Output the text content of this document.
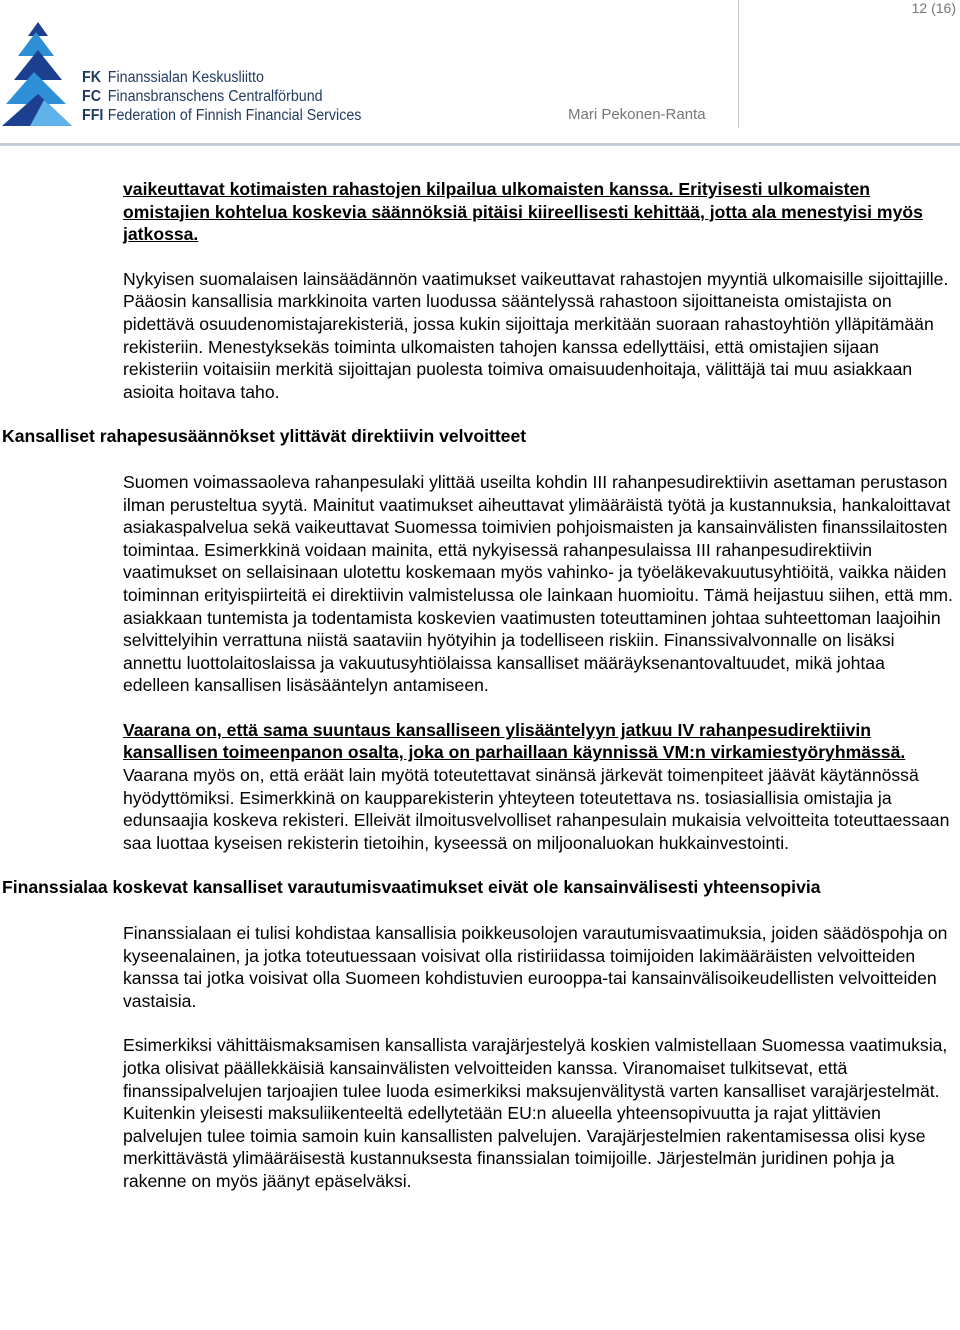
12 (16)
FK Finanssialan Keskusliitto
FC Finansbranschens Centralförbund
FFI Federation of Finnish Financial Services	Mari Pekonen-Ranta
vaikeuttavat kotimaisten rahastojen kilpailua ulkomaisten kanssa. Erityisesti ulkomaisten omistajien kohtelua koskevia säännöksiä pitäisi kiireellisesti kehittää, jotta ala menestyisi myös jatkossa.
Nykyisen suomalaisen lainsäädännön vaatimukset vaikeuttavat rahastojen myyntiä ulkomaisille sijoittajille. Pääosin kansallisia markkinoita varten luodussa sääntelyssä rahastoon sijoittaneista omistajista on pidettävä osuudenomistajarekisteriä, jossa kukin sijoittaja merkitään suoraan rahastoyhtiön ylläpitämään rekisteriin. Menestyksekäs toiminta ulkomaisten tahojen kanssa edellyttäisi, että omistajien sijaan rekisteriin voitaisiin merkitä sijoittajan puolesta toimiva omaisuudenhoitaja, välittäjä tai muu asiakkaan asioita hoitava taho.
Kansalliset rahapesusäännökset ylittävät direktiivin velvoitteet
Suomen voimassaoleva rahanpesulaki ylittää useilta kohdin III rahanpesudirektiivin asettaman perustason ilman perusteltua syytä. Mainitut vaatimukset aiheuttavat ylimääräistä työtä ja kustannuksia, hankaloittavat asiakaspalvelua sekä vaikeuttavat Suomessa toimivien pohjoismaisten ja kansainvälisten finanssilaitosten toimintaa. Esimerkkinä voidaan mainita, että nykyisessä rahanpesulaissa III rahanpesudirektiivin vaatimukset on sellaisinaan ulotettu koskemaan myös vahinko- ja työeläkevakuutusyhtiöitä, vaikka näiden toiminnan erityispiirteitä ei direktiivin valmistelussa ole lainkaan huomioitu. Tämä heijastuu siihen, että mm. asiakkaan tuntemista ja todentamista koskevien vaatimusten toteuttaminen johtaa suhteettoman laajoihin selvittelyihin verrattuna niistä saataviin hyötyihin ja todelliseen riskiin. Finanssivalvonnalle on lisäksi annettu luottolaitoslaissa ja vakuutusyhtiölaissa kansalliset määräyksenantovaltuudet, mikä johtaa edelleen kansallisen lisäsääntelyn antamiseen.
Vaarana on, että sama suuntaus kansalliseen ylisääntelyyn jatkuu IV rahanpesudirektiivin kansallisen toimeenpanon osalta, joka on parhaillaan käynnissä VM:n virkamiestyöryhmässä. Vaarana myös on, että eräät lain myötä toteutettavat sinänsä järkevät toimenpiteet jäävät käytännössä hyödyttömiksi. Esimerkkinä on kaupparekisterin yhteyteen toteutettava ns. tosiasiallisia omistajia ja edunsaajia koskeva rekisteri. Elleivät ilmoitusvelvolliset rahanpesulain mukaisia velvoitteita toteuttaessaan saa luottaa kyseisen rekisterin tietoihin, kyseessä on miljoonaluokan hukkainvestointi.
Finanssialaa koskevat kansalliset varautumisvaatimukset eivät ole kansainvälisesti yhteensopivia
Finanssialaan ei tulisi kohdistaa kansallisia poikkeusolojen varautumisvaatimuksia, joiden säädöspohja on kyseenalainen, ja jotka toteutuessaan voisivat olla ristiriidassa toimijoiden lakimääräisten velvoitteiden kanssa tai jotka voisivat olla Suomeen kohdistuvien eurooppa-tai kansainvälisoikeudellisten velvoitteiden vastaisia.
Esimerkiksi vähittäismaksamisen kansallista varajärjestelyä koskien valmistellaan Suomessa vaatimuksia, jotka olisivat päällekkäisiä kansainvälisten velvoitteiden kanssa. Viranomaiset tulkitsevat, että finanssipalvelujen tarjoajien tulee luoda esimerkiksi maksujenvälitystä varten kansalliset varajärjestelmät. Kuitenkin yleisesti maksuliikenteeltä edellytetään EU:n alueella yhteensopivuutta ja rajat ylittävien palvelujen tulee toimia samoin kuin kansallisten palvelujen. Varajärjestelmien rakentamisessa olisi kyse merkittävästä ylimääräisestä kustannuksesta finanssialan toimijoille. Järjestelmän juridinen pohja ja rakenne on myös jäänyt epäselväksi.
